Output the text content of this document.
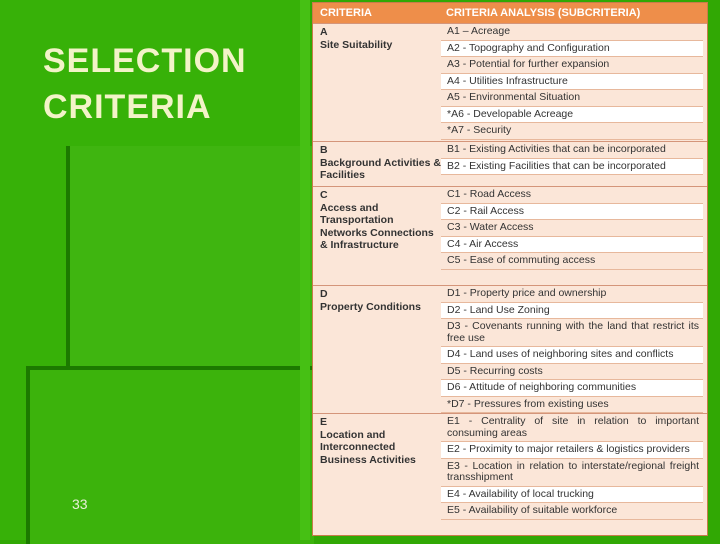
SELECTION
CRITERIA
33
CRITERIA	CRITERIA ANALYSIS (SUBCRITERIA)
A
Site Suitability
A1 – Acreage
A2 - Topography and Configuration
A3 - Potential for further expansion
A4 - Utilities Infrastructure
A5 - Environmental Situation
*A6 - Developable Acreage
*A7 - Security
B
Background Activities & Facilities
B1 - Existing Activities that can be incorporated
B2 - Existing Facilities that can be incorporated
C
Access and Transportation Networks Connections & Infrastructure
C1 - Road Access
C2 - Rail Access
C3 - Water Access
C4 - Air Access
C5 - Ease of commuting access
D
Property Conditions
D1 - Property price and ownership
D2 - Land Use Zoning
D3 - Covenants running with the land that restrict its free use
D4 - Land uses of neighboring sites and conflicts
D5 - Recurring costs
D6 - Attitude of neighboring communities
*D7 - Pressures from existing uses
E
Location and Interconnected Business Activities
E1 - Centrality of site in relation to important consuming areas
E2 - Proximity to major retailers & logistics providers
E3 - Location in relation to interstate/regional freight transshipment
E4 - Availability of local trucking
E5 - Availability of suitable workforce
